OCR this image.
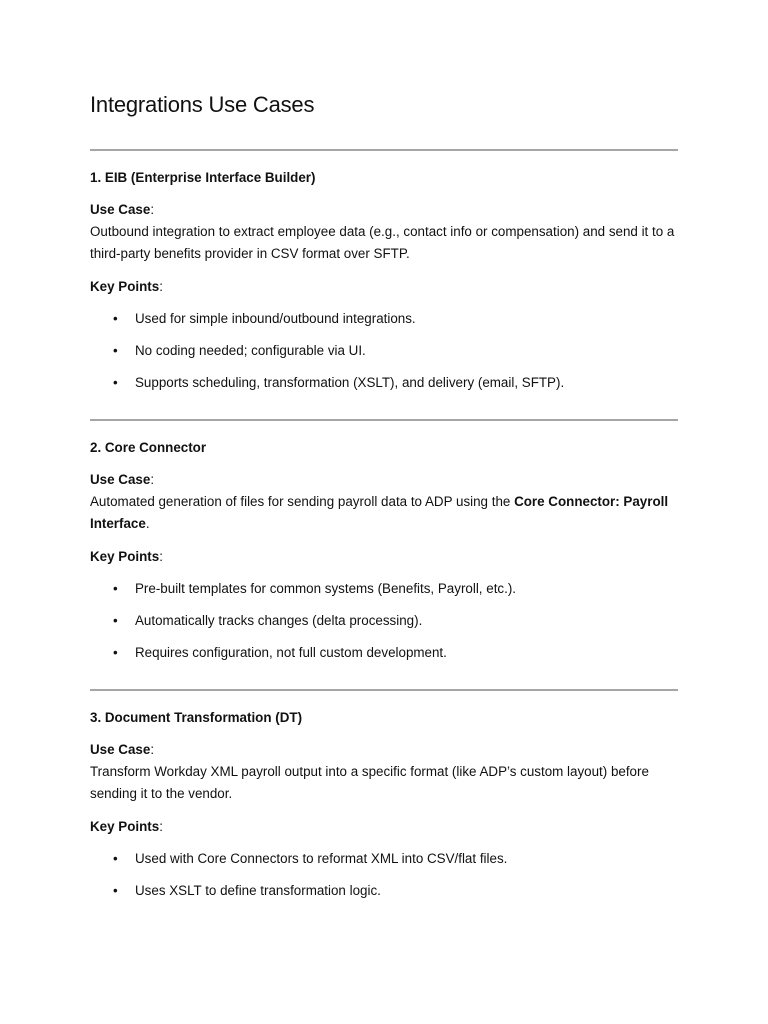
Integrations Use Cases

1. EIB (Enterprise Interface Builder)

Use Case:

Outbound integration to extract employee data (e.g., contact info or compensation) and send it to a third-party benefits provider in CSV format over SFTP.

Key Points:

• Used for simple inbound/outbound integrations.
• No coding needed; configurable via UI.
• Supports scheduling, transformation (XSLT), and delivery (email, SFTP).

2. Core Connector

Use Case:

Automated generation of files for sending payroll data to ADP using the Core Connector: Payroll Interface.

Key Points:

• Pre-built templates for common systems (Benefits, Payroll, etc.).
• Automatically tracks changes (delta processing).
• Requires configuration, not full custom development.

3. Document Transformation (DT)

Use Case:

Transform Workday XML payroll output into a specific format (like ADP’s custom layout) before sending it to the vendor.

Key Points:

• Used with Core Connectors to reformat XML into CSV/flat files.
• Uses XSLT to define transformation logic.
